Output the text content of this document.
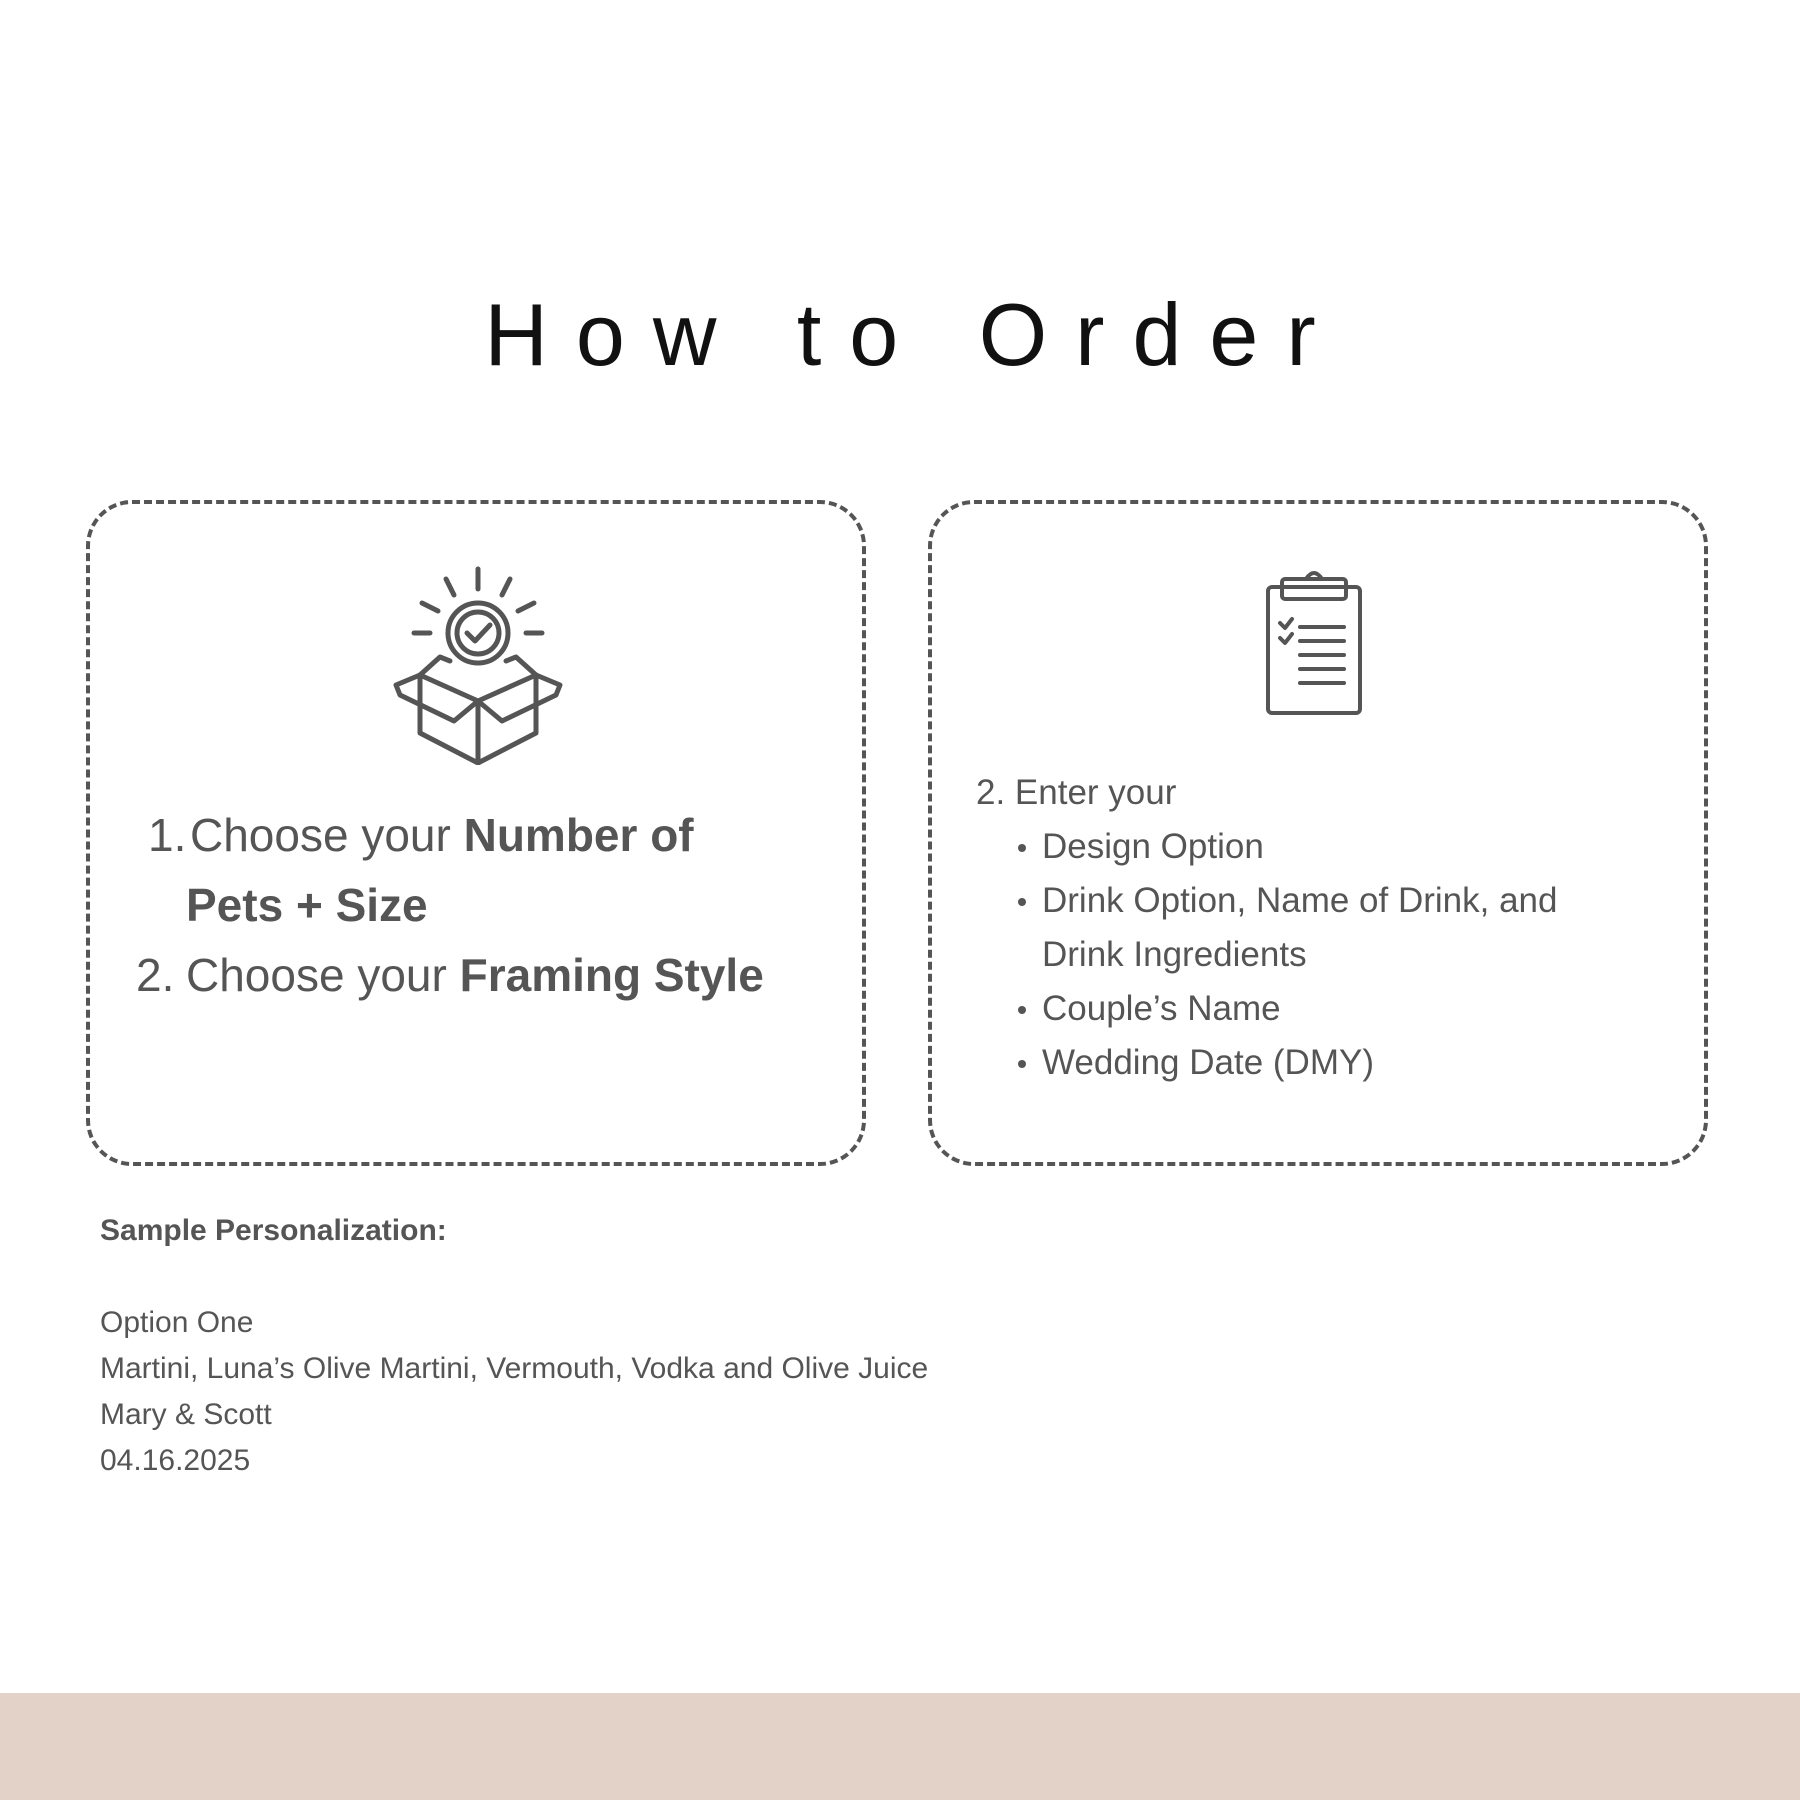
How to Order
1. Choose your Number of
Pets + Size
2. Choose your Framing Style
2. Enter your
Design Option
Drink Option, Name of Drink, and Drink Ingredients
Couple’s Name
Wedding Date (DMY)
Sample Personalization:
Option One
Martini, Luna’s Olive Martini, Vermouth, Vodka and Olive Juice
Mary & Scott
04.16.2025
